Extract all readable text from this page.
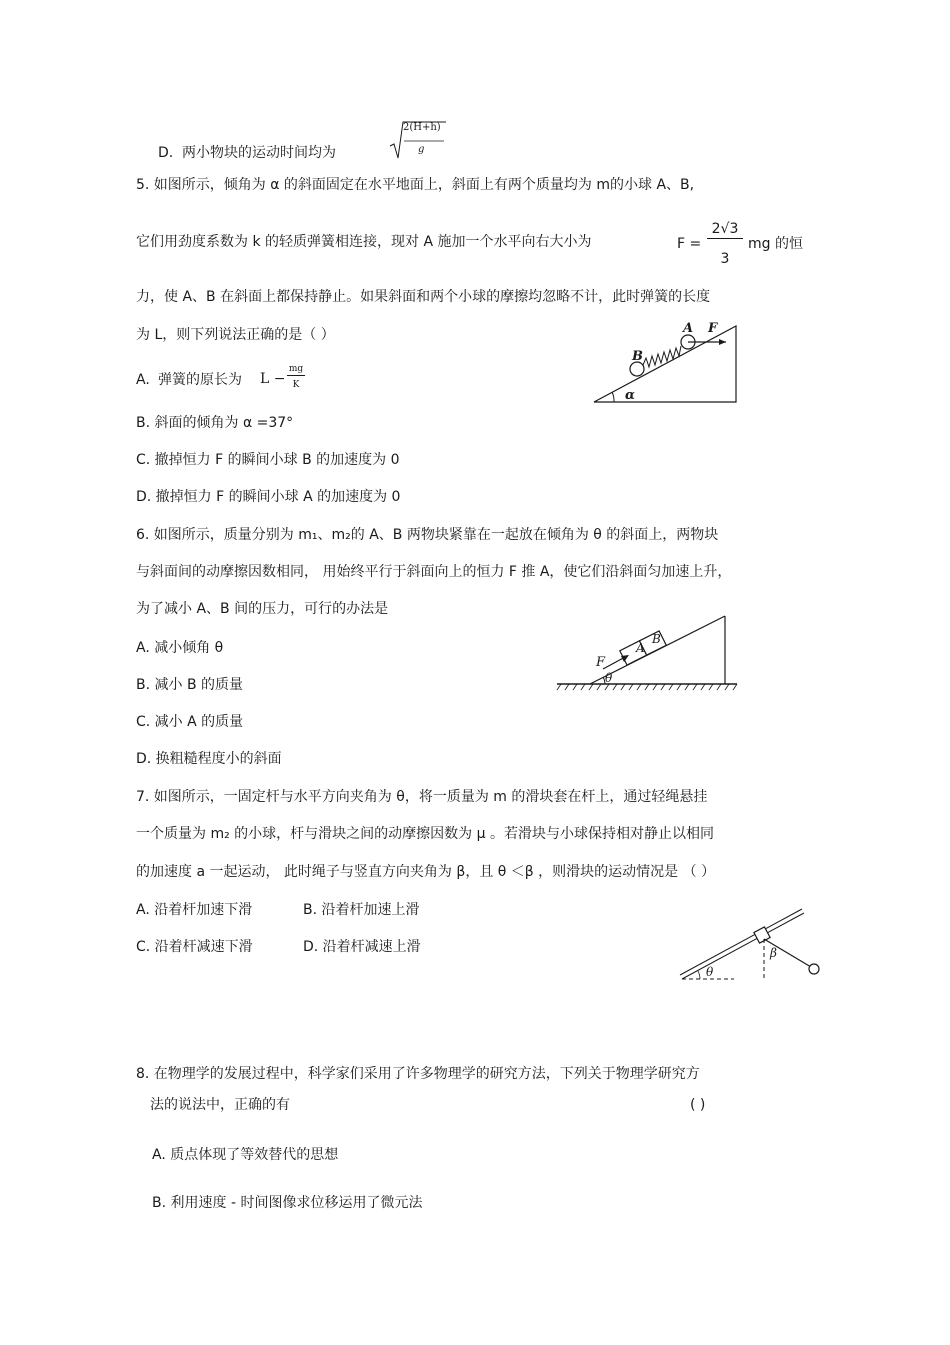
D. 两小物块的运动时间均为
2(H+h)
g
5. 如图所示，倾角为 α 的斜面固定在水平地面上，斜面上有两个质量均为 m的小球 A、B,
它们用劲度系数为 k 的轻质弹簧相连接，现对 A 施加一个水平向右大小为	F =
2√3
3
mg 的恒
力，使 A、B 在斜面上都保持静止。如果斜面和两个小球的摩擦均忽略不计，此时弹簧的长度
为 L，则下列说法正确的是（ ）
A. 弹簧的原长为 L −
mg
K
B. 斜面的倾角为 α =37°
C. 撤掉恒力 F 的瞬间小球 B 的加速度为 0
D. 撤掉恒力 F 的瞬间小球 A 的加速度为 0
A F
B
α
6. 如图所示，质量分别为 m₁、m₂的 A、B 两物块紧靠在一起放在倾角为 θ 的斜面上，两物块
与斜面间的动摩擦因数相同， 用始终平行于斜面向上的恒力 F 推 A，使它们沿斜面匀加速上升，
为了减小 A、B 间的压力，可行的办法是
A. 减小倾角 θ
B. 减小 B 的质量
C. 减小 A 的质量
D. 换粗糙程度小的斜面
F
A
B
θ
7. 如图所示，一固定杆与水平方向夹角为 θ，将一质量为 m 的滑块套在杆上，通过轻绳悬挂
一个质量为 m₂ 的小球，杆与滑块之间的动摩擦因数为 μ 。若滑块与小球保持相对静止以相同
的加速度 a 一起运动， 此时绳子与竖直方向夹角为 β，且 θ ＜β ，则滑块的运动情况是 （ ）
A. 沿着杆加速下滑	B. 沿着杆加速上滑
C. 沿着杆减速下滑	D. 沿着杆减速上滑	β
θ
8. 在物理学的发展过程中，科学家们采用了许多物理学的研究方法，下列关于物理学研究方
法的说法中，正确的有	( )
A. 质点体现了等效替代的思想
B. 利用速度 - 时间图像求位移运用了微元法
